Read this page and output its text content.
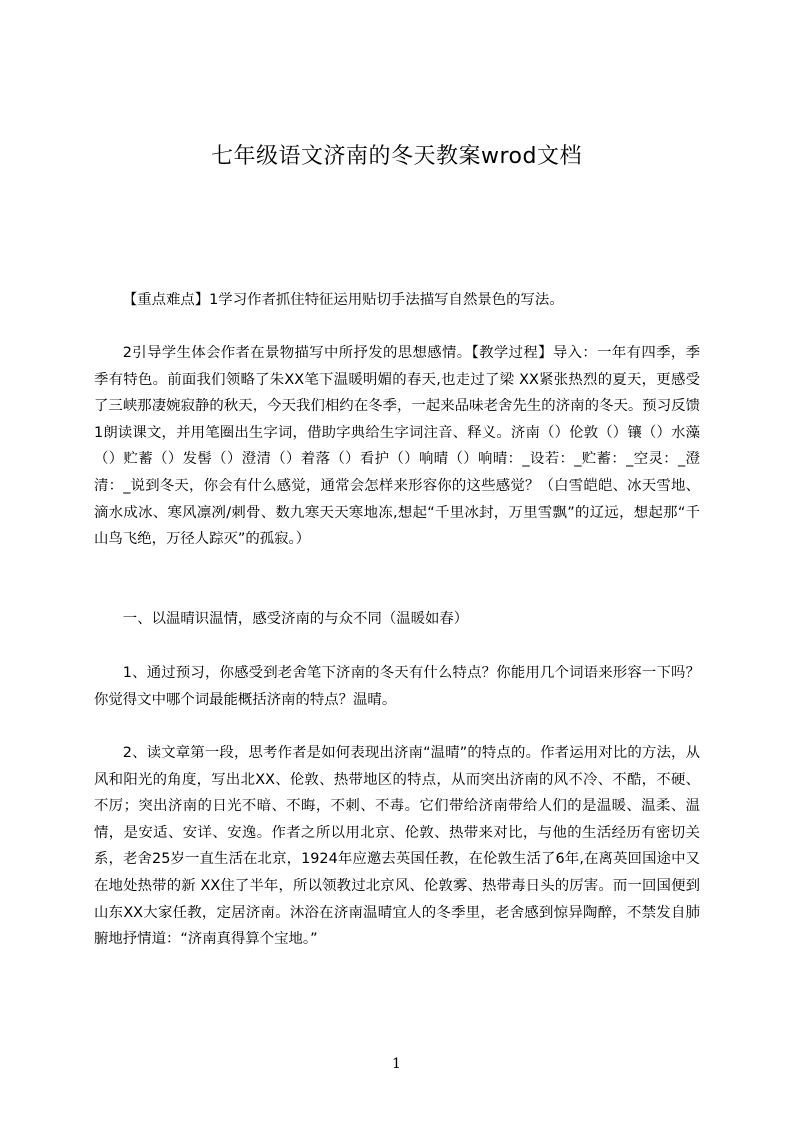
七年级语文济南的冬天教案wrod文档

【重点难点】1学习作者抓住特征运用贴切手法描写自然景色的写法。

2引导学生体会作者在景物描写中所抒发的思想感情。【教学过程】导入：一年有四季，季季有特色。前面我们领略了朱XX笔下温暖明媚的春天,也走过了梁 XX紧张热烈的夏天，更感受了三峡那凄婉寂静的秋天，今天我们相约在冬季，一起来品味老舍先生的济南的冬天。预习反馈1朗读课文，并用笔圈出生字词，借助字典给生字词注音、释义。济南（）伦敦（）镶（）水藻（）贮蓄（）发髻（）澄清（）着落（）看护（）响晴（）响晴：_设若：_贮蓄：_空灵：_澄清：_说到冬天，你会有什么感觉，通常会怎样来形容你的这些感觉？（白雪皑皑、冰天雪地、滴水成冰、寒风凛冽/刺骨、数九寒天天寒地冻,想起“千里冰封，万里雪飘”的辽远，想起那“千山鸟飞绝，万径人踪灭”的孤寂。）

一、以温晴识温情，感受济南的与众不同（温暖如春）

1、通过预习，你感受到老舍笔下济南的冬天有什么特点？你能用几个词语来形容一下吗？你觉得文中哪个词最能概括济南的特点？温晴。

2、读文章第一段，思考作者是如何表现出济南“温晴”的特点的。作者运用对比的方法，从风和阳光的角度，写出北XX、伦敦、热带地区的特点，从而突出济南的风不冷、不酷，不硬、不厉；突出济南的日光不暗、不晦，不刺、不毒。它们带给济南带给人们的是温暖、温柔、温情，是安适、安详、安逸。作者之所以用北京、伦敦、热带来对比，与他的生活经历有密切关系，老舍25岁一直生活在北京，1924年应邀去英国任教，在伦敦生活了6年,在离英回国途中又在地处热带的新 XX住了半年，所以领教过北京风、伦敦雾、热带毒日头的厉害。而一回国便到山东XX大家任教，定居济南。沐浴在济南温晴宜人的冬季里，老舍感到惊异陶醉，不禁发自肺腑地抒情道：“济南真得算个宝地。”

1
